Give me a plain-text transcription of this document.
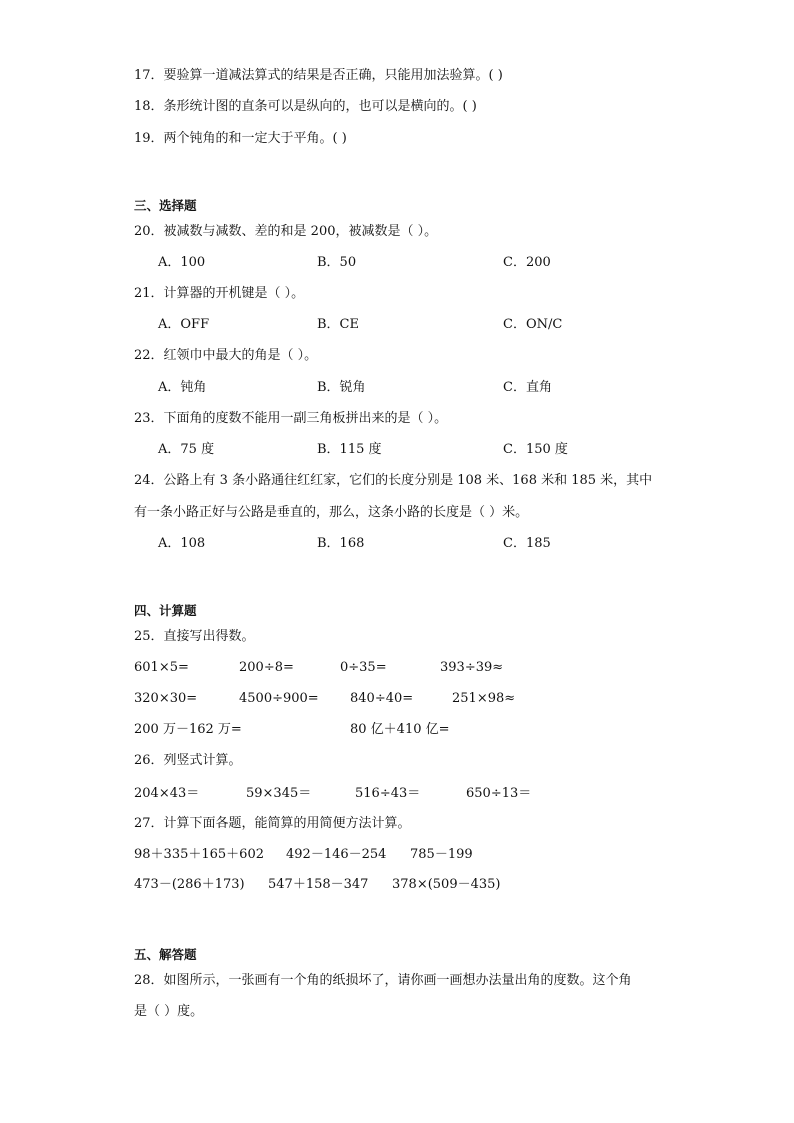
17．要验算一道减法算式的结果是否正确，只能用加法验算。( )
18．条形统计图的直条可以是纵向的，也可以是横向的。( )
19．两个钝角的和一定大于平角。( )
三、选择题
20．被减数与减数、差的和是 200，被减数是（ ）。
A．100	B．50	C．200
21．计算器的开机键是（ ）。
A．OFF	B．CE	C．ON/C
22．红领巾中最大的角是（ ）。
A．钝角	B．锐角	C．直角
23．下面角的度数不能用一副三角板拼出来的是（ ）。
A．75 度	B．115 度	C．150 度
24．公路上有 3 条小路通往红红家，它们的长度分别是 108 米、168 米和 185 米，其中
有一条小路正好与公路是垂直的，那么，这条小路的长度是（ ）米。
A．108	B．168	C．185
四、计算题
25．直接写出得数。
601×5=	200÷8=	0÷35=	393÷39≈
320×30=	4500÷900= 840÷40=	251×98≈
200 万－162 万=	80 亿＋410 亿=
26．列竖式计算。
204×43＝	59×345＝	516÷43＝	650÷13＝
27．计算下面各题，能简算的用简便方法计算。
98＋335＋165＋602 492－146－254 785－199
473－(286＋173) 547＋158－347 378×(509－435)
五、解答题
28．如图所示，一张画有一个角的纸损坏了，请你画一画想办法量出角的度数。这个角
是（ ）度。
